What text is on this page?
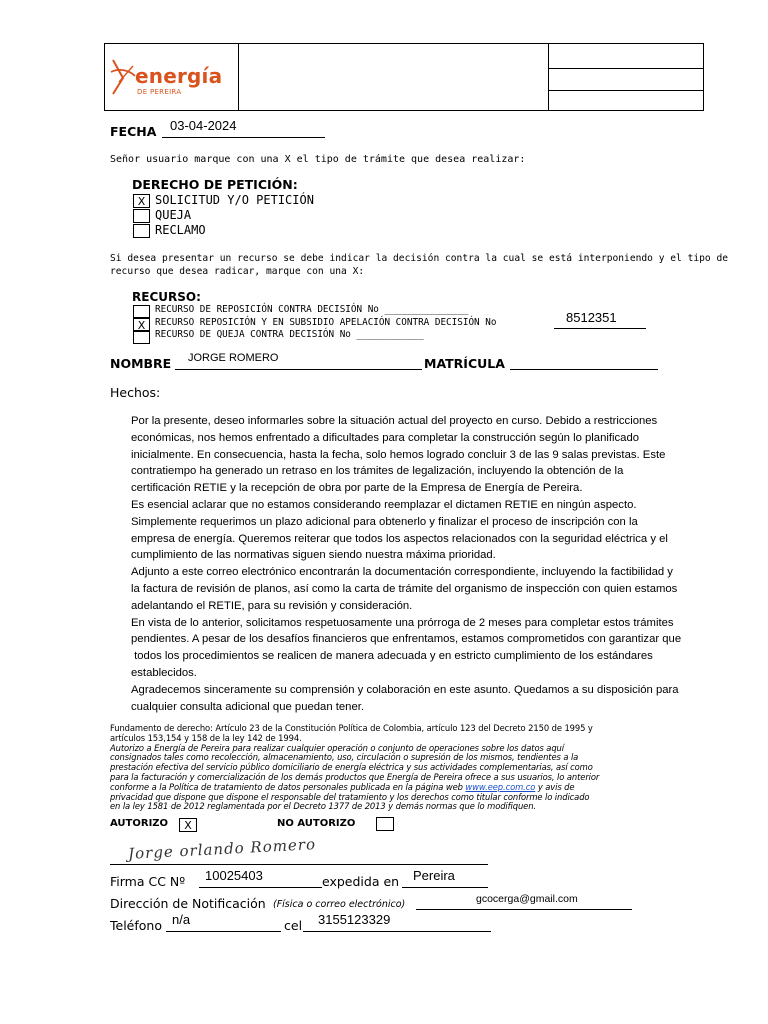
energía
DE PEREIRA
FECHA 03-04-2024
Señor usuario marque con una X el tipo de trámite que desea realizar:
DERECHO DE PETICIÓN:
X SOLICITUD Y/O PETICIÓN
QUEJA
RECLAMO
Si desea presentar un recurso se debe indicar la decisión contra la cual se está interponiendo y el tipo de
recurso que desea radicar, marque con una X:
RECURSO:
RECURSO DE REPOSICIÓN CONTRA DECISIÓN No _______________
X	RECURSO REPOSICIÓN Y EN SUBSIDIO APELACIÓN CONTRA DECISIÓN No	8512351
RECURSO DE QUEJA CONTRA DECISIÓN No ____________
NOMBRE JORGE ROMERO	MATRÍCULA
Hechos:
Por la presente, deseo informarles sobre la situación actual del proyecto en curso. Debido a restricciones
económicas, nos hemos enfrentado a dificultades para completar la construcción según lo planificado
inicialmente. En consecuencia, hasta la fecha, solo hemos logrado concluir 3 de las 9 salas previstas. Este
contratiempo ha generado un retraso en los trámites de legalización, incluyendo la obtención de la
certificación RETIE y la recepción de obra por parte de la Empresa de Energía de Pereira.
Es esencial aclarar que no estamos considerando reemplazar el dictamen RETIE en ningún aspecto.
Simplemente requerimos un plazo adicional para obtenerlo y finalizar el proceso de inscripción con la
empresa de energía. Queremos reiterar que todos los aspectos relacionados con la seguridad eléctrica y el
cumplimiento de las normativas siguen siendo nuestra máxima prioridad.
Adjunto a este correo electrónico encontrarán la documentación correspondiente, incluyendo la factibilidad y
la factura de revisión de planos, así como la carta de trámite del organismo de inspección con quien estamos
adelantando el RETIE, para su revisión y consideración.
En vista de lo anterior, solicitamos respetuosamente una prórroga de 2 meses para completar estos trámites
pendientes. A pesar de los desafíos financieros que enfrentamos, estamos comprometidos con garantizar que
todos los procedimientos se realicen de manera adecuada y en estricto cumplimiento de los estándares
establecidos.
Agradecemos sinceramente su comprensión y colaboración en este asunto. Quedamos a su disposición para
cualquier consulta adicional que puedan tener.
Fundamento de derecho: Artículo 23 de la Constitución Política de Colombia, artículo 123 del Decreto 2150 de 1995 y
artículos 153,154 y 158 de la ley 142 de 1994.
Autorizo a Energía de Pereira para realizar cualquier operación o conjunto de operaciones sobre los datos aquí
consignados tales como recolección, almacenamiento, uso, circulación o supresión de los mismos, tendientes a la
prestación efectiva del servicio público domiciliario de energía eléctrica y sus actividades complementarias, así como
para la facturación y comercialización de los demás productos que Energía de Pereira ofrece a sus usuarios, lo anterior
conforme a la Política de tratamiento de datos personales publicada en la página web www.eep.com.co y avis de
privacidad que dispone que dispone el responsable del tratamiento y los derechos como titular conforme lo indicado
en la ley 1581 de 2012 reglamentada por el Decreto 1377 de 2013 y demás normas que lo modifiquen.
AUTORIZO	X	NO AUTORIZO
Jorge orlando Romero
Firma CC Nº 10025403	expedida en Pereira
Dirección de Notificación (Física o correo electrónico)	gcocerga@gmail.com
Teléfono n/a	cel 3155123329
